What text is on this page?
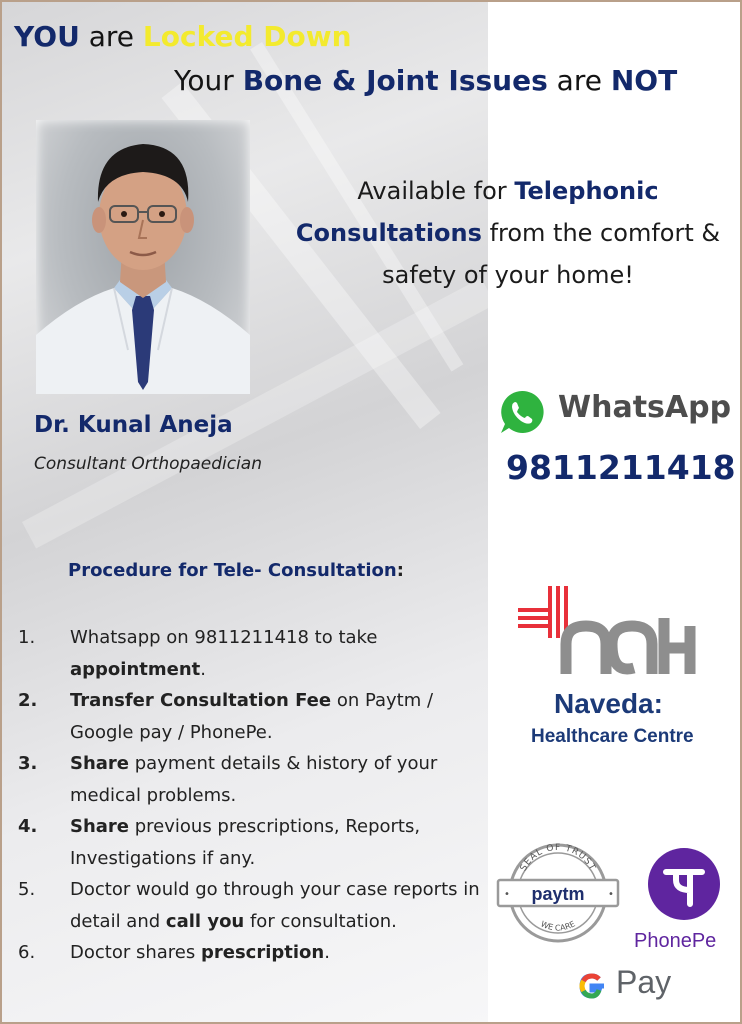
YOU are Locked Down
Your Bone & Joint Issues are NOT
Available for Telephonic
Consultations from the comfort &
safety of your home!
Dr. Kunal Aneja
Consultant Orthopaedician
WhatsApp
9811211418
Procedure for Tele- Consultation:
1. Whatsapp on 9811211418 to take appointment.
2. Transfer Consultation Fee on Paytm / Google pay / PhonePe.
3. Share payment details & history of your medical problems.
4. Share previous prescriptions, Reports, Investigations if any.
5. Doctor would go through your case reports in detail and call you for consultation.
6. Doctor shares prescription.
Naveda:
Healthcare Centre
SEAL OF TRUST
paytm
WE CARE
•	•
PhonePe
Pay
